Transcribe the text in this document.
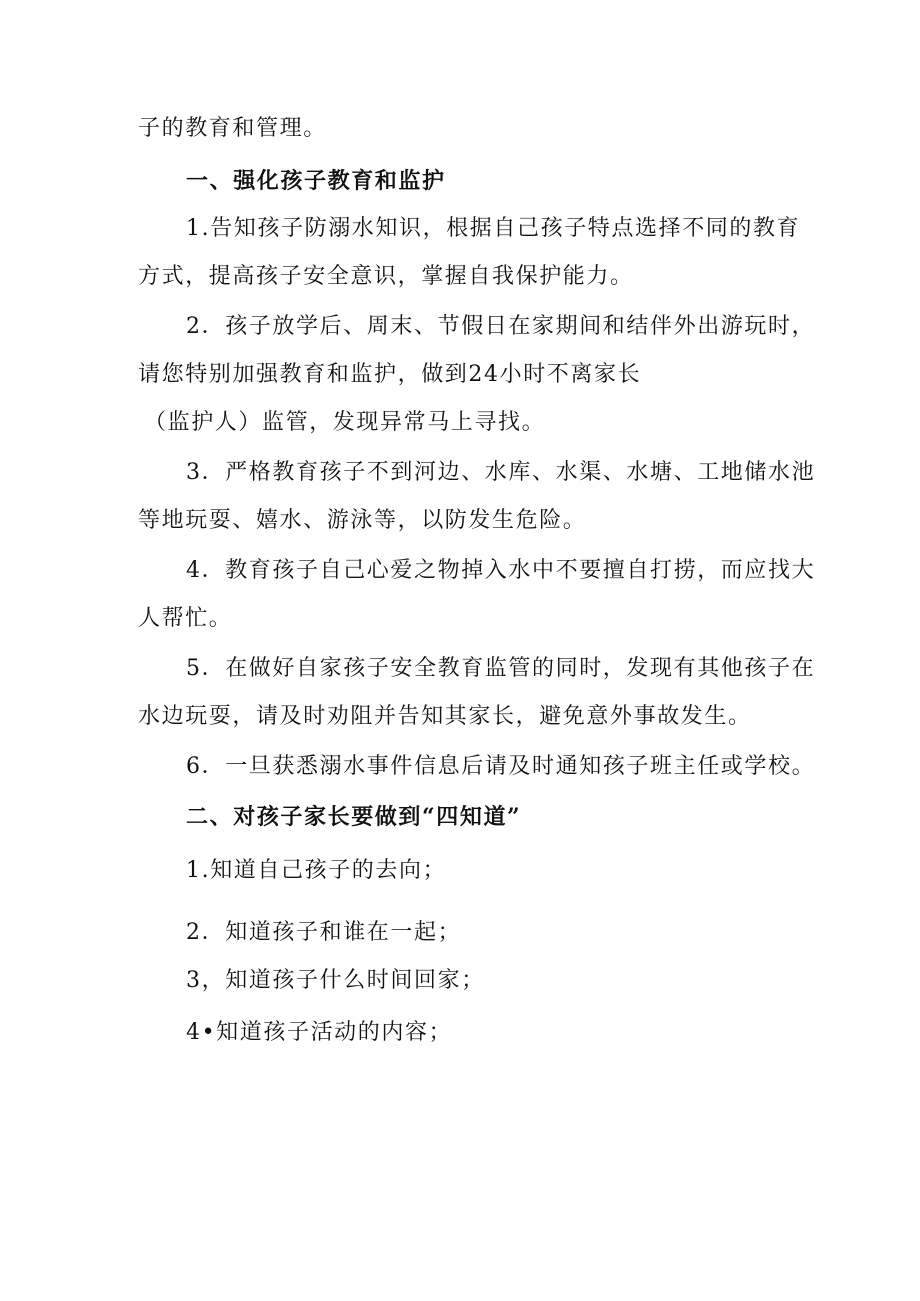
子的教育和管理。
一、强化孩子教育和监护
1.告知孩子防溺水知识，根据自己孩子特点选择不同的教育
方式，提高孩子安全意识，掌握自我保护能力。
2．孩子放学后、周末、节假日在家期间和结伴外出游玩时，
请您特别加强教育和监护，做到24小时不离家长
（监护人）监管，发现异常马上寻找。
3．严格教育孩子不到河边、水库、水渠、水塘、工地储水池
等地玩耍、嬉水、游泳等，以防发生危险。
4．教育孩子自己心爱之物掉入水中不要擅自打捞，而应找大
人帮忙。
5．在做好自家孩子安全教育监管的同时，发现有其他孩子在
水边玩耍，请及时劝阻并告知其家长，避免意外事故发生。
6．一旦获悉溺水事件信息后请及时通知孩子班主任或学校。
二、对孩子家长要做到“四知道”
1.知道自己孩子的去向；
2．知道孩子和谁在一起；
3，知道孩子什么时间回家；
4•知道孩子活动的内容；
